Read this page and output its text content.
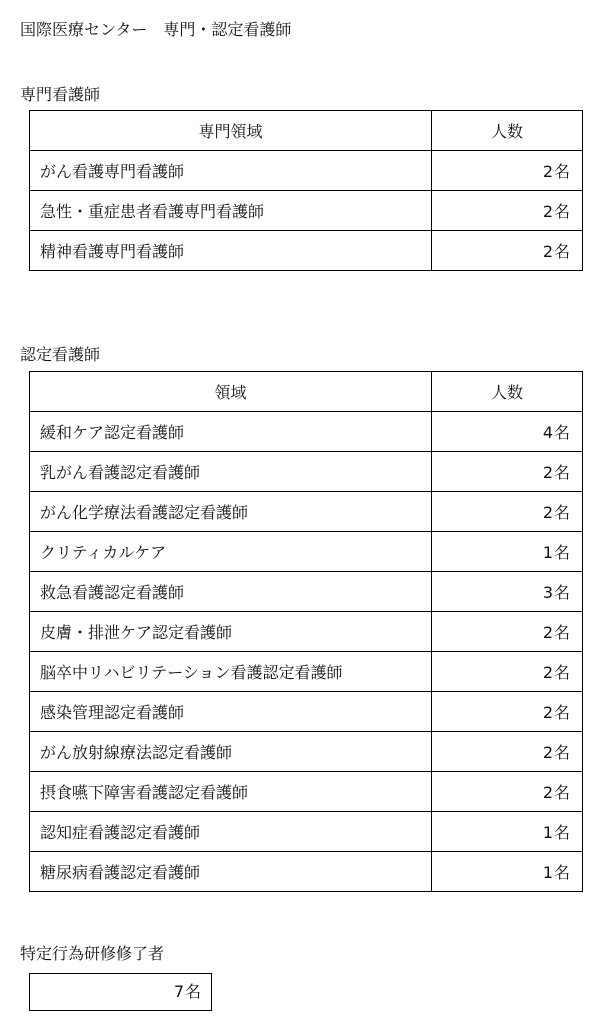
国際医療センター　専門・認定看護師
専門看護師
専門領域	人数
がん看護専門看護師	2名
急性・重症患者看護専門看護師	2名
精神看護専門看護師	2名
認定看護師
領域	人数
緩和ケア認定看護師	4名
乳がん看護認定看護師	2名
がん化学療法看護認定看護師	2名
クリティカルケア	1名
救急看護認定看護師	3名
皮膚・排泄ケア認定看護師	2名
脳卒中リハビリテーション看護認定看護師	2名
感染管理認定看護師	2名
がん放射線療法認定看護師	2名
摂食嚥下障害看護認定看護師	2名
認知症看護認定看護師	1名
糖尿病看護認定看護師	1名
特定行為研修修了者
7名
